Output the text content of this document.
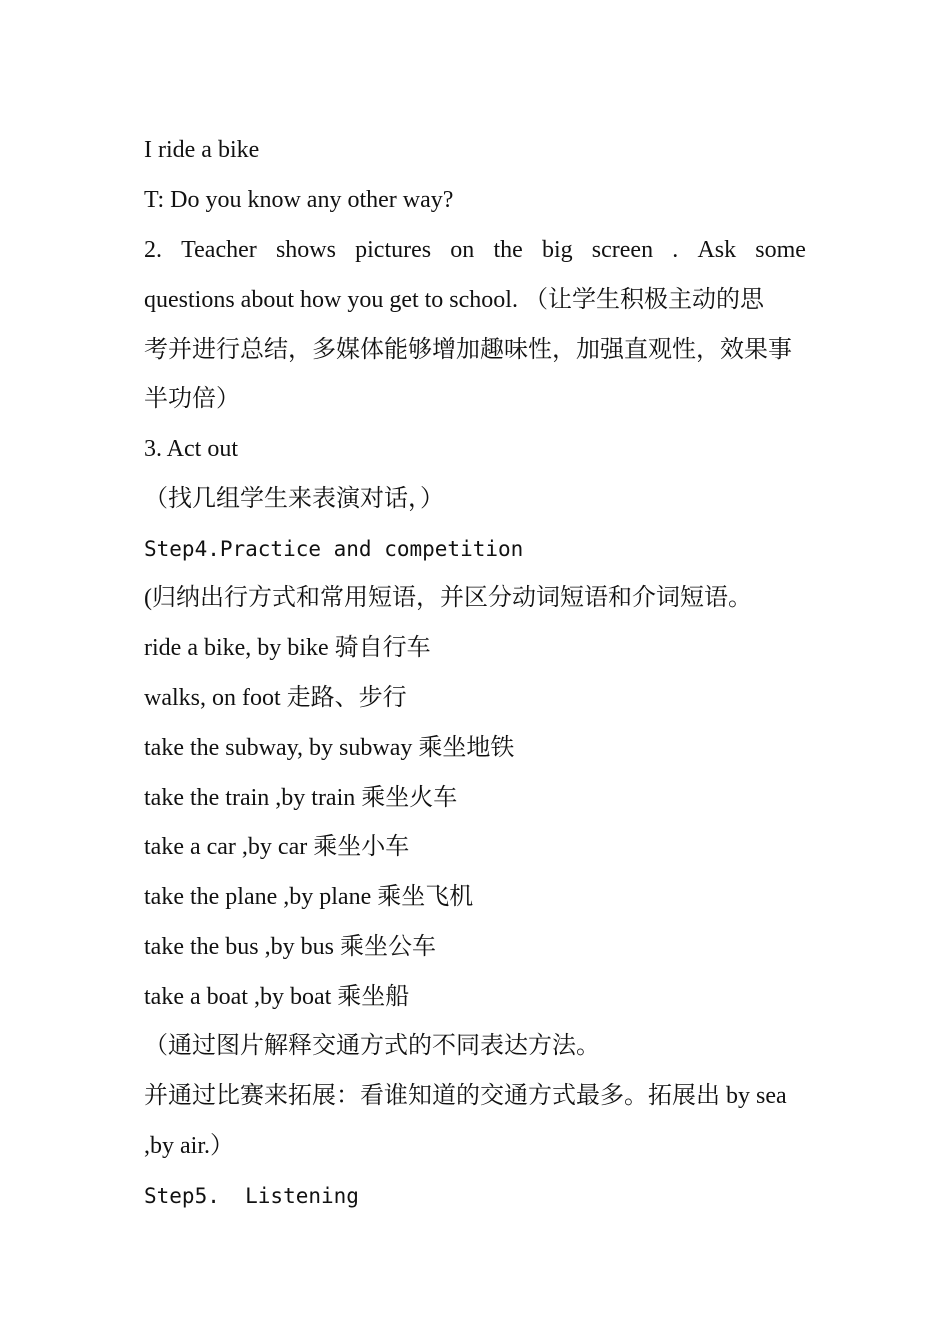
I ride a bike
T: Do you know any other way?
2. Teacher shows pictures on the big screen . Ask some
questions about how you get to school. （让学生积极主动的思
考并进行总结，多媒体能够增加趣味性，加强直观性，效果事
半功倍）
3. Act out
（找几组学生来表演对话，）
Step4.Practice and competition
(归纳出行方式和常用短语，并区分动词短语和介词短语。
ride a bike, by bike 骑自行车
walks, on foot 走路、步行
take the subway, by subway 乘坐地铁
take the train ,by train 乘坐火车
take a car ,by car 乘坐小车
take the plane ,by plane 乘坐飞机
take the bus ,by bus 乘坐公车
take a boat ,by boat 乘坐船
（通过图片解释交通方式的不同表达方法。
并通过比赛来拓展：看谁知道的交通方式最多。拓展出 by sea
,by air.）
Step5.  Listening
